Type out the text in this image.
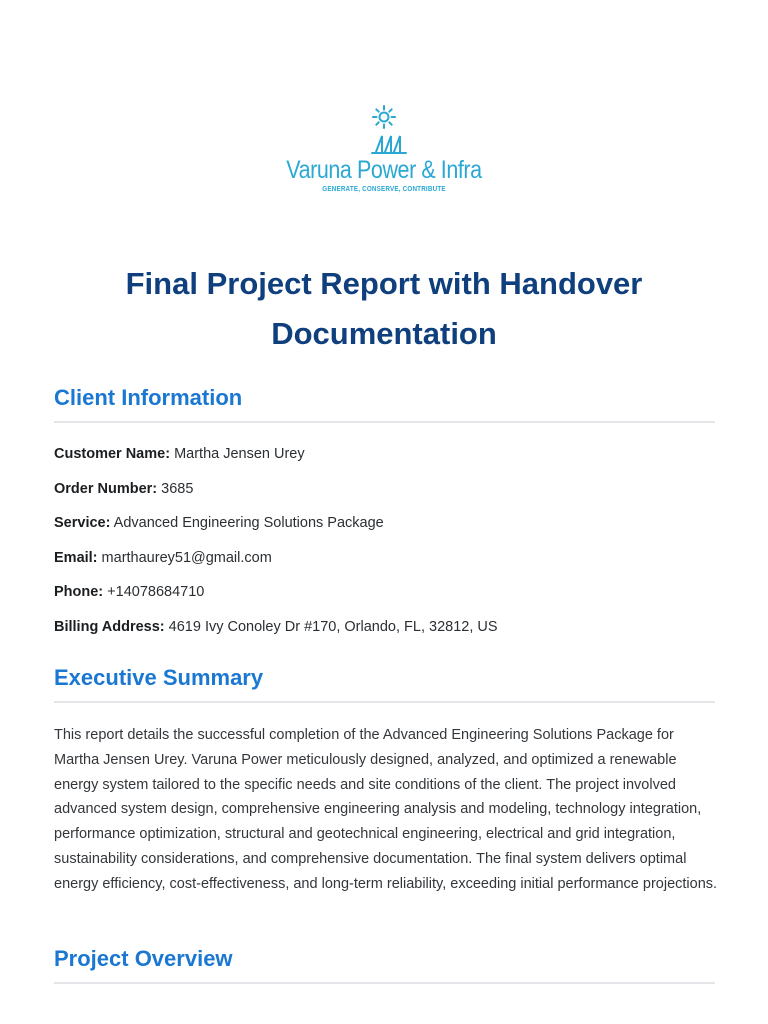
Varuna Power & Infra
GENERATE, CONSERVE, CONTRIBUTE
Final Project Report with Handover Documentation
Client Information
Customer Name: Martha Jensen Urey
Order Number: 3685
Service: Advanced Engineering Solutions Package
Email: marthaurey51@gmail.com
Phone: +14078684710
Billing Address: 4619 Ivy Conoley Dr #170, Orlando, FL, 32812, US
Executive Summary

This report details the successful completion of the Advanced Engineering Solutions Package for Martha Jensen Urey. Varuna Power meticulously designed, analyzed, and optimized a renewable energy system tailored to the specific needs and site conditions of the client. The project involved advanced system design, comprehensive engineering analysis and modeling, technology integration, performance optimization, structural and geotechnical engineering, electrical and grid integration, sustainability considerations, and comprehensive documentation. The final system delivers optimal energy efficiency, cost-effectiveness, and long-term reliability, exceeding initial performance projections.

Project Overview
